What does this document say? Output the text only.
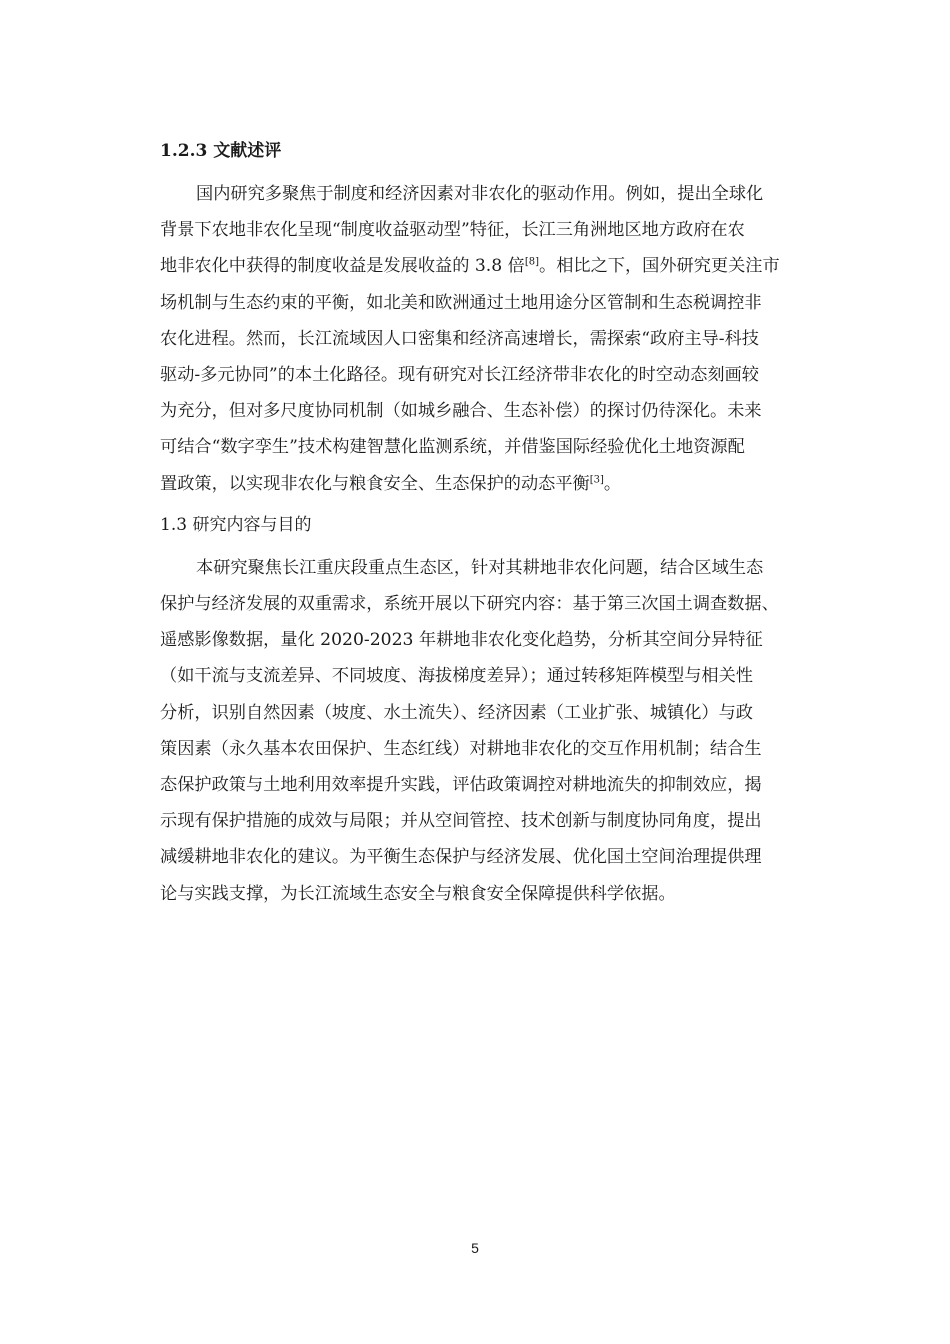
1.2.3 文献述评
国内研究多聚焦于制度和经济因素对非农化的驱动作用。例如，提出全球化
背景下农地非农化呈现“制度收益驱动型”特征，长江三角洲地区地方政府在农
地非农化中获得的制度收益是发展收益的 3.8 倍[8]。相比之下，国外研究更关注市
场机制与生态约束的平衡，如北美和欧洲通过土地用途分区管制和生态税调控非
农化进程。然而，长江流域因人口密集和经济高速增长，需探索“政府主导-科技
驱动-多元协同”的本土化路径。现有研究对长江经济带非农化的时空动态刻画较
为充分，但对多尺度协同机制（如城乡融合、生态补偿）的探讨仍待深化。未来
可结合“数字孪生”技术构建智慧化监测系统，并借鉴国际经验优化土地资源配
置政策，以实现非农化与粮食安全、生态保护的动态平衡[3]。
1.3 研究内容与目的
本研究聚焦长江重庆段重点生态区，针对其耕地非农化问题，结合区域生态
保护与经济发展的双重需求，系统开展以下研究内容：基于第三次国土调查数据、
遥感影像数据，量化 2020-2023 年耕地非农化变化趋势，分析其空间分异特征
（如干流与支流差异、不同坡度、海拔梯度差异）；通过转移矩阵模型与相关性
分析，识别自然因素（坡度、水土流失）、经济因素（工业扩张、城镇化）与政
策因素（永久基本农田保护、生态红线）对耕地非农化的交互作用机制；结合生
态保护政策与土地利用效率提升实践，评估政策调控对耕地流失的抑制效应，揭
示现有保护措施的成效与局限；并从空间管控、技术创新与制度协同角度，提出
减缓耕地非农化的建议。为平衡生态保护与经济发展、优化国土空间治理提供理
论与实践支撑，为长江流域生态安全与粮食安全保障提供科学依据。
5
